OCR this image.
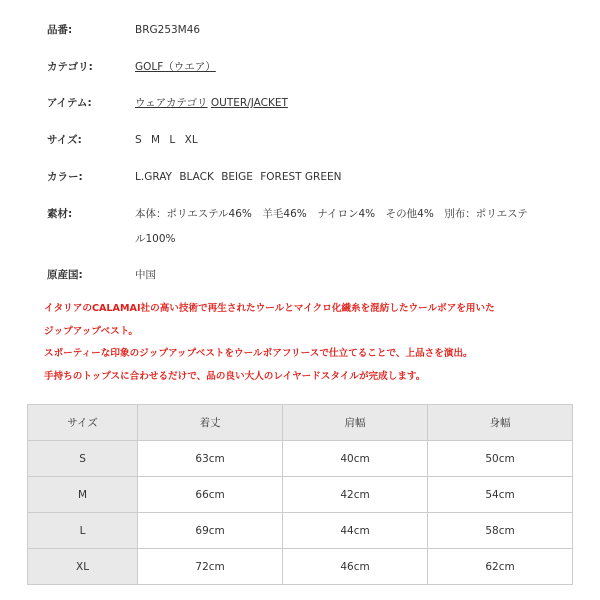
品番:	BRG253M46
カテゴリ:	GOLF（ウエア）
アイテム:	ウェアカテゴリ OUTER/JACKET
サイズ:	S M L XL
カラー:	L.GRAY BLACK BEIGE FOREST GREEN
素材:	本体：ポリエステル46%　羊毛46%　ナイロン4%　その他4%　別布：ポリエステ
ル100%
原産国:	中国
イタリアのCALAMAI社の高い技術で再生されたウールとマイクロ化繊糸を混紡したウールボアを用いた
ジップアップベスト。
スポーティーな印象のジップアップベストをウールボアフリースで仕立てることで、上品さを演出。
手持ちのトップスに合わせるだけで、品の良い大人のレイヤードスタイルが完成します。
サイズ	着丈	肩幅	身幅
S	63cm	40cm	50cm
M	66cm	42cm	54cm
L	69cm	44cm	58cm
XL	72cm	46cm	62cm
